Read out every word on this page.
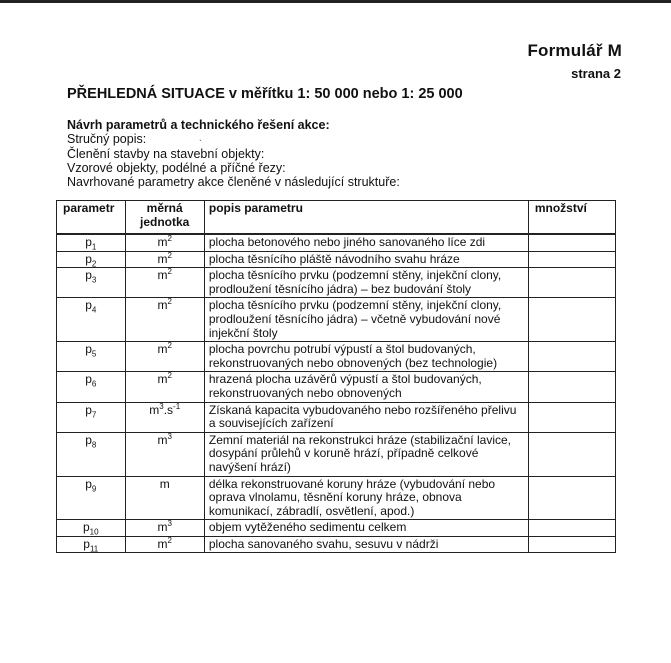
Formulář M
strana 2
PŘEHLEDNÁ SITUACE v měřítku 1: 50 000 nebo 1: 25 000
Návrh parametrů a technického řešení akce:
Stručný popis:
Členění stavby na stavební objekty:
Vzorové objekty, podélné a příčné řezy:
Navrhované parametry akce členěné v následující struktuře:
ˎ
parametr	měrná jednotka	popis parametru	množství
$p_1$	$m^2$	plocha betonového nebo jiného sanovaného líce zdi	
$p_2$	$m^2$	plocha těsnícího pláště návodního svahu hráze	
$p_3$	$m^2$	plocha těsnícího prvku (podzemní stěny, injekční clony, prodloužení těsnícího jádra) – bez budování štoly	
$p_4$	$m^2$	plocha těsnícího prvku (podzemní stěny, injekční clony, prodloužení těsnícího jádra) – včetně vybudování nové injekční štoly	
$p_5$	$m^2$	plocha povrchu potrubí výpustí a štol budovaných, rekonstruovaných nebo obnovených (bez technologie)	
$p_6$	$m^2$	hrazená plocha uzávěrů výpustí a štol budovaných, rekonstruovaných nebo obnovených	
$p_7$	$m^3.s^{-1}$	Získaná kapacita vybudovaného nebo rozšířeného přelivu a souvisejících zařízení	
$p_8$	$m^3$	Zemní materiál na rekonstrukci hráze (stabilizační lavice, dosypání průlehů v koruně hrází, případně celkové navýšení hrází)	
$p_9$	m	délka rekonstruované koruny hráze (vybudování nebo oprava vlnolamu, těsnění koruny hráze, obnova komunikací, zábradlí, osvětlení, apod.)	
$p_{10}$	$m^3$	objem vytěženého sedimentu celkem	
$p_{11}$	$m^2$	plocha sanovaného svahu, sesuvu v nádrži	
